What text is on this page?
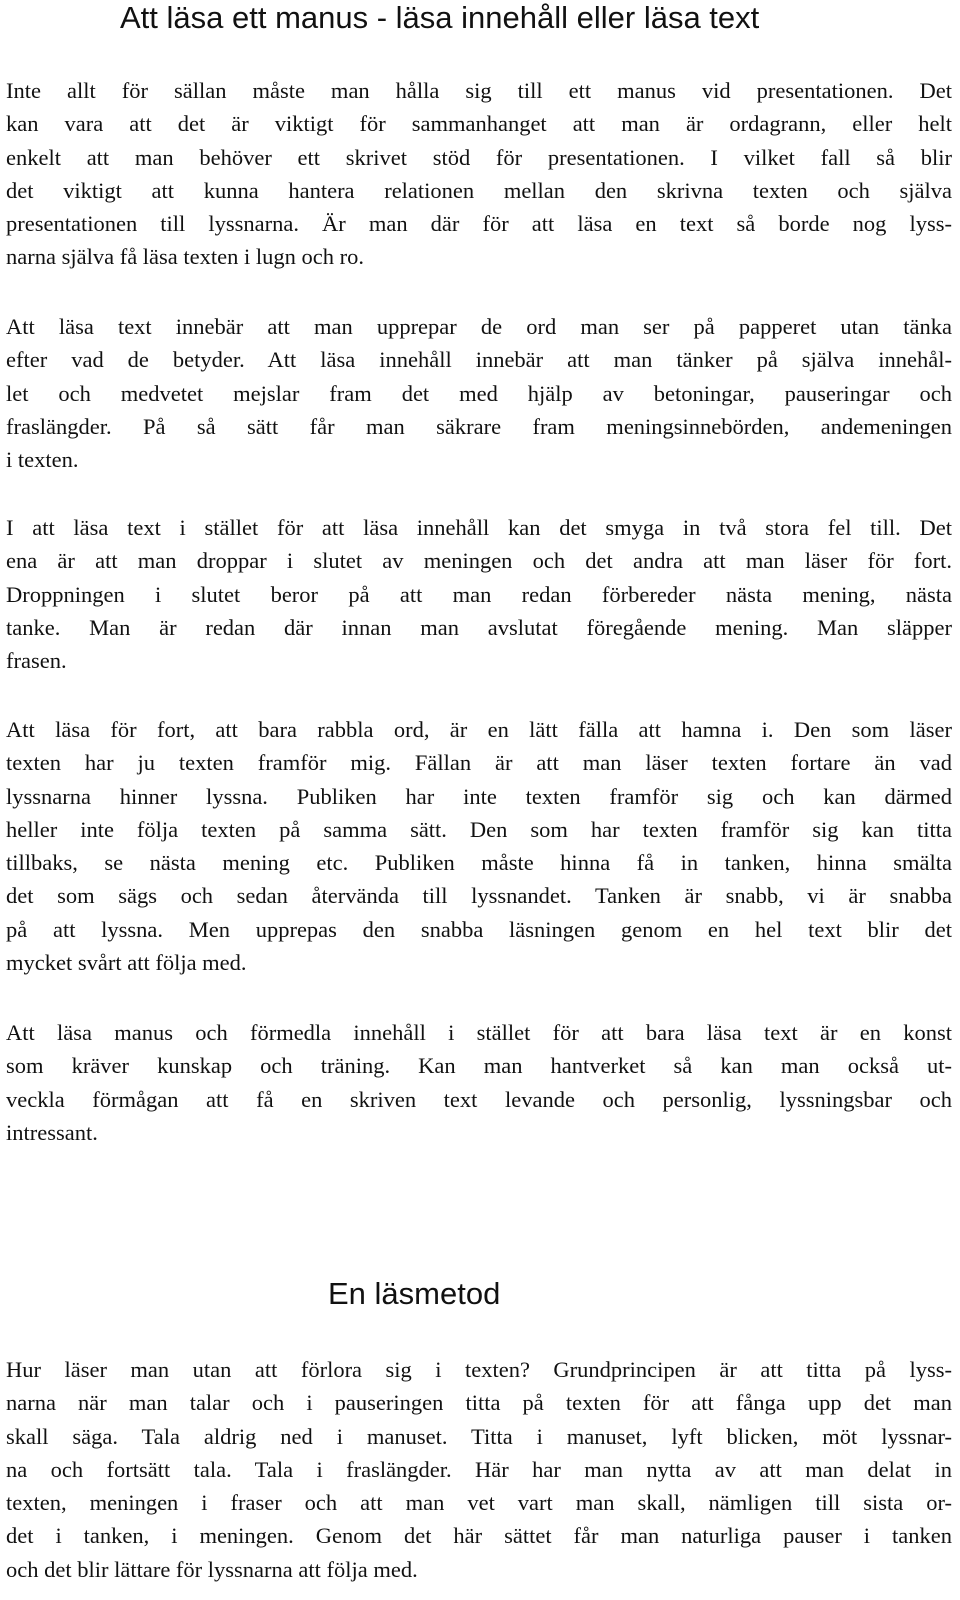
Att läsa ett manus - läsa innehåll eller läsa text

Inte allt för sällan måste man hålla sig till ett manus vid presentationen. Det
kan vara att det är viktigt för sammanhanget att man är ordagrann, eller helt
enkelt att man behöver ett skrivet stöd för presentationen. I vilket fall så blir
det viktigt att kunna hantera relationen mellan den skrivna texten och själva
presentationen till lyssnarna. Är man där för att läsa en text så borde nog lyss-
narna själva få läsa texten i lugn och ro.

Att läsa text innebär att man upprepar de ord man ser på papperet utan tänka
efter vad de betyder. Att läsa innehåll innebär att man tänker på själva innehål-
let och medvetet mejslar fram det med hjälp av betoningar, pauseringar och
fraslängder. På så sätt får man säkrare fram meningsinnebörden, andemeningen
i texten.

I att läsa text i stället för att läsa innehåll kan det smyga in två stora fel till. Det
ena är att man droppar i slutet av meningen och det andra att man läser för fort.
Droppningen i slutet beror på att man redan förbereder nästa mening, nästa
tanke. Man är redan där innan man avslutat föregående mening. Man släpper
frasen.

Att läsa för fort, att bara rabbla ord, är en lätt fälla att hamna i. Den som läser
texten har ju texten framför mig. Fällan är att man läser texten fortare än vad
lyssnarna hinner lyssna. Publiken har inte texten framför sig och kan därmed
heller inte följa texten på samma sätt. Den som har texten framför sig kan titta
tillbaks, se nästa mening etc. Publiken måste hinna få in tanken, hinna smälta
det som sägs och sedan återvända till lyssnandet. Tanken är snabb, vi är snabba
på att lyssna. Men upprepas den snabba läsningen genom en hel text blir det
mycket svårt att följa med.

Att läsa manus och förmedla innehåll i stället för att bara läsa text är en konst
som kräver kunskap och träning. Kan man hantverket så kan man också ut-
veckla förmågan att få en skriven text levande och personlig, lyssningsbar och
intressant.

En läsmetod

Hur läser man utan att förlora sig i texten? Grundprincipen är att titta på lyss-
narna när man talar och i pauseringen titta på texten för att fånga upp det man
skall säga. Tala aldrig ned i manuset. Titta i manuset, lyft blicken, möt lyssnar-
na och fortsätt tala. Tala i fraslängder. Här har man nytta av att man delat in
texten, meningen i fraser och att man vet vart man skall, nämligen till sista or-
det i tanken, i meningen. Genom det här sättet får man naturliga pauser i tanken
och det blir lättare för lyssnarna att följa med.
